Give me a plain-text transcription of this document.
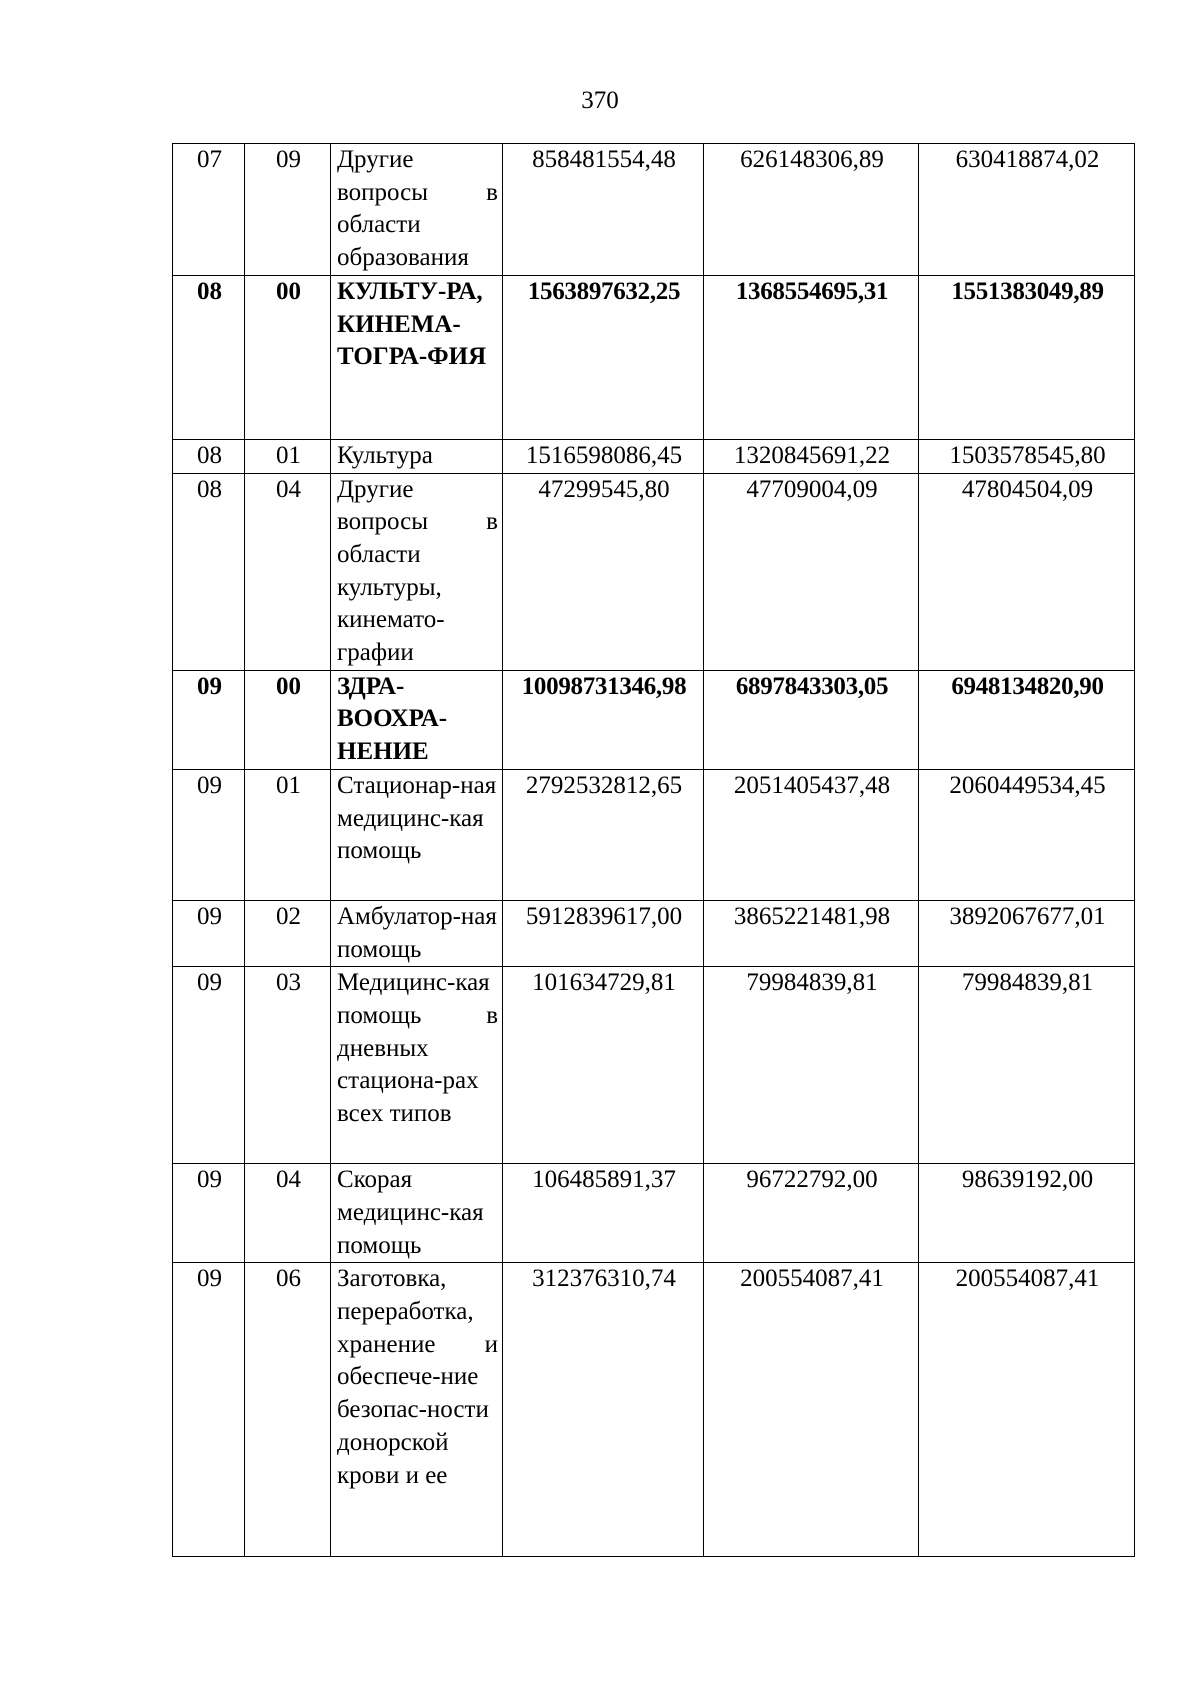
370
07	09	Другие вопросы в области образования	858481554,48	626148306,89	630418874,02
08	00	КУЛЬТУ-РА, КИНЕМА-ТОГРА-ФИЯ	1563897632,25	1368554695,31	1551383049,89
08	01	Культура	1516598086,45	1320845691,22	1503578545,80
08	04	Другие вопросы в области культуры, кинемато-графии	47299545,80	47709004,09	47804504,09
09	00	ЗДРА-ВООХРА-НЕНИЕ	10098731346,98	6897843303,05	6948134820,90
09	01	Стационар-ная медицинс-кая помощь	2792532812,65	2051405437,48	2060449534,45
09	02	Амбулатор-ная помощь	5912839617,00	3865221481,98	3892067677,01
09	03	Медицинс-кая помощь в дневных стациона-рах всех типов	101634729,81	79984839,81	79984839,81
09	04	Скорая медицинс-кая помощь	106485891,37	96722792,00	98639192,00
09	06	Заготовка, переработка, хранение и обеспече-ние безопас-ности донорской крови и ее	312376310,74	200554087,41	200554087,41
